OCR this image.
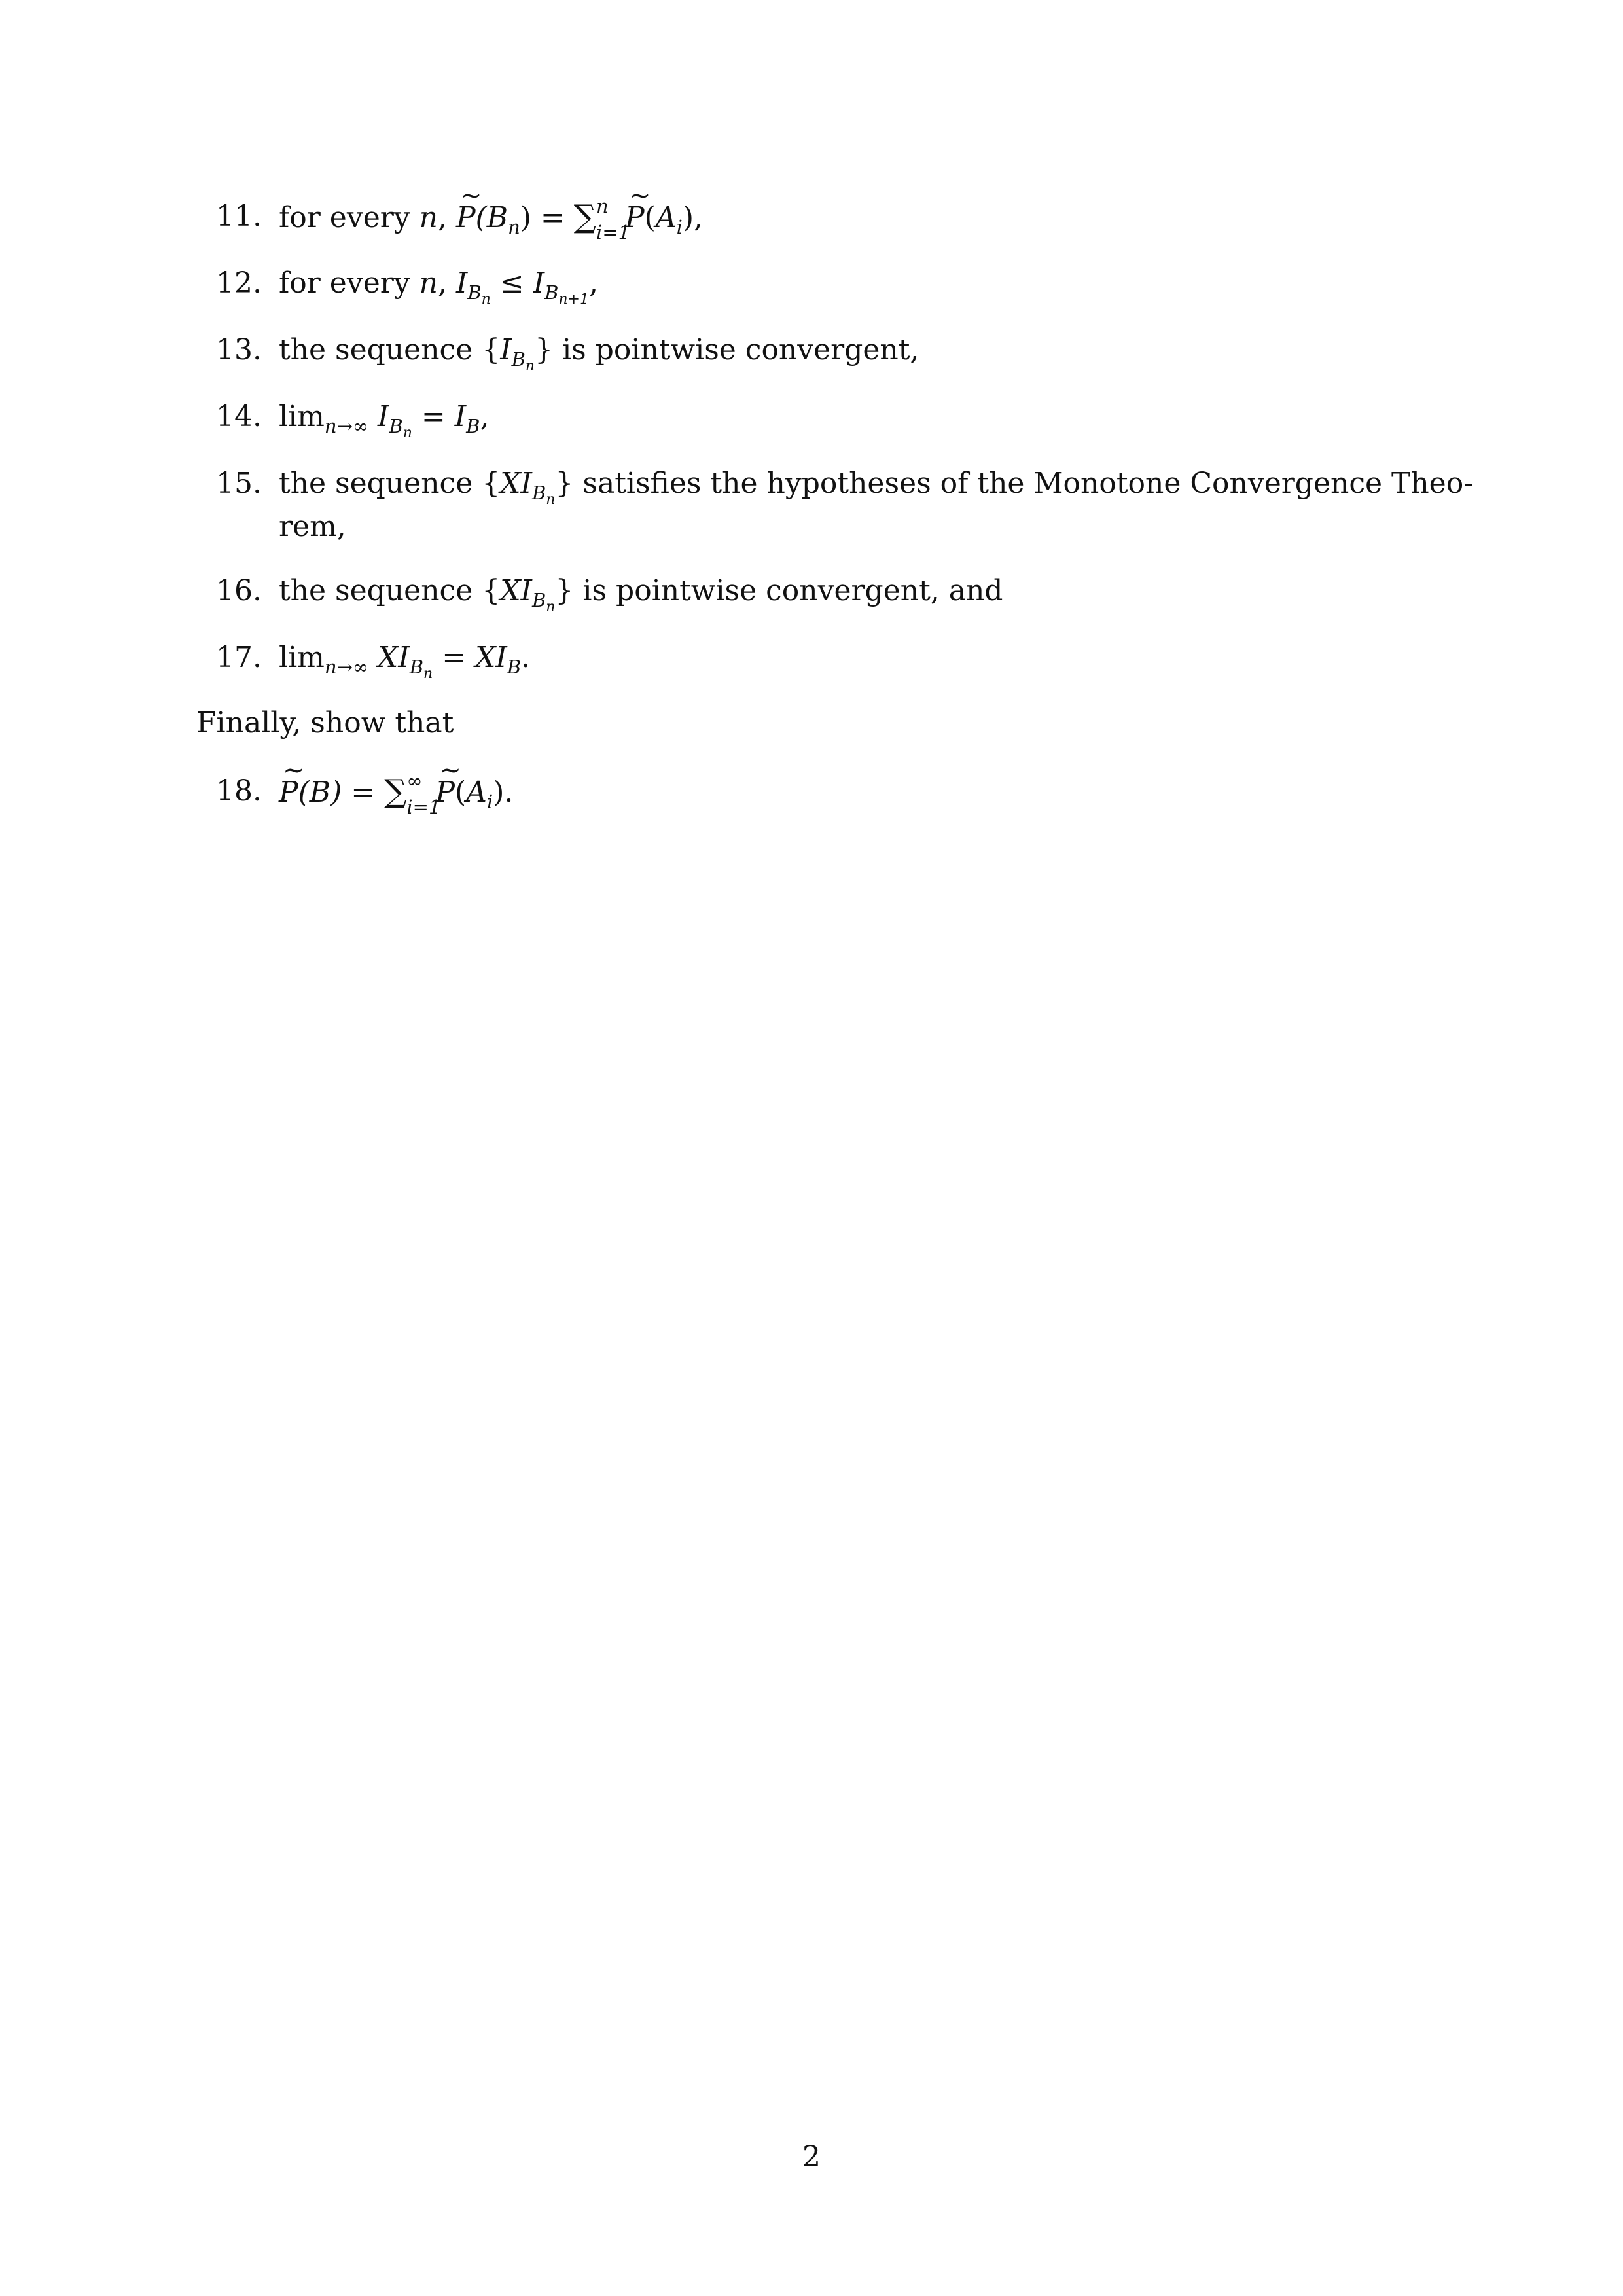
11. for every n, ~ $P(B_n)$ = ∑ n
i=1
~ $P(A_i)$,
12. for every n, $I_{B_n} \le I_{B_{n+1}}$,
13. the sequence $\{I_{B_n}\}$ is pointwise convergent,
14. $\lim_{n\to\infty} I_{B_n} = I_B$,
15. the sequence $\{XI_{B_n}\}$ satisfies the hypotheses of the Monotone Convergence Theo-
rem,
16. the sequence $\{XI_{B_n}\}$ is pointwise convergent, and
17. $\lim_{n\to\infty} XI_{B_n} = XI_B$.
Finally, show that
18. ~ P(B) = ∑ ∞
i=1
~ $P(A_i)$.
2
